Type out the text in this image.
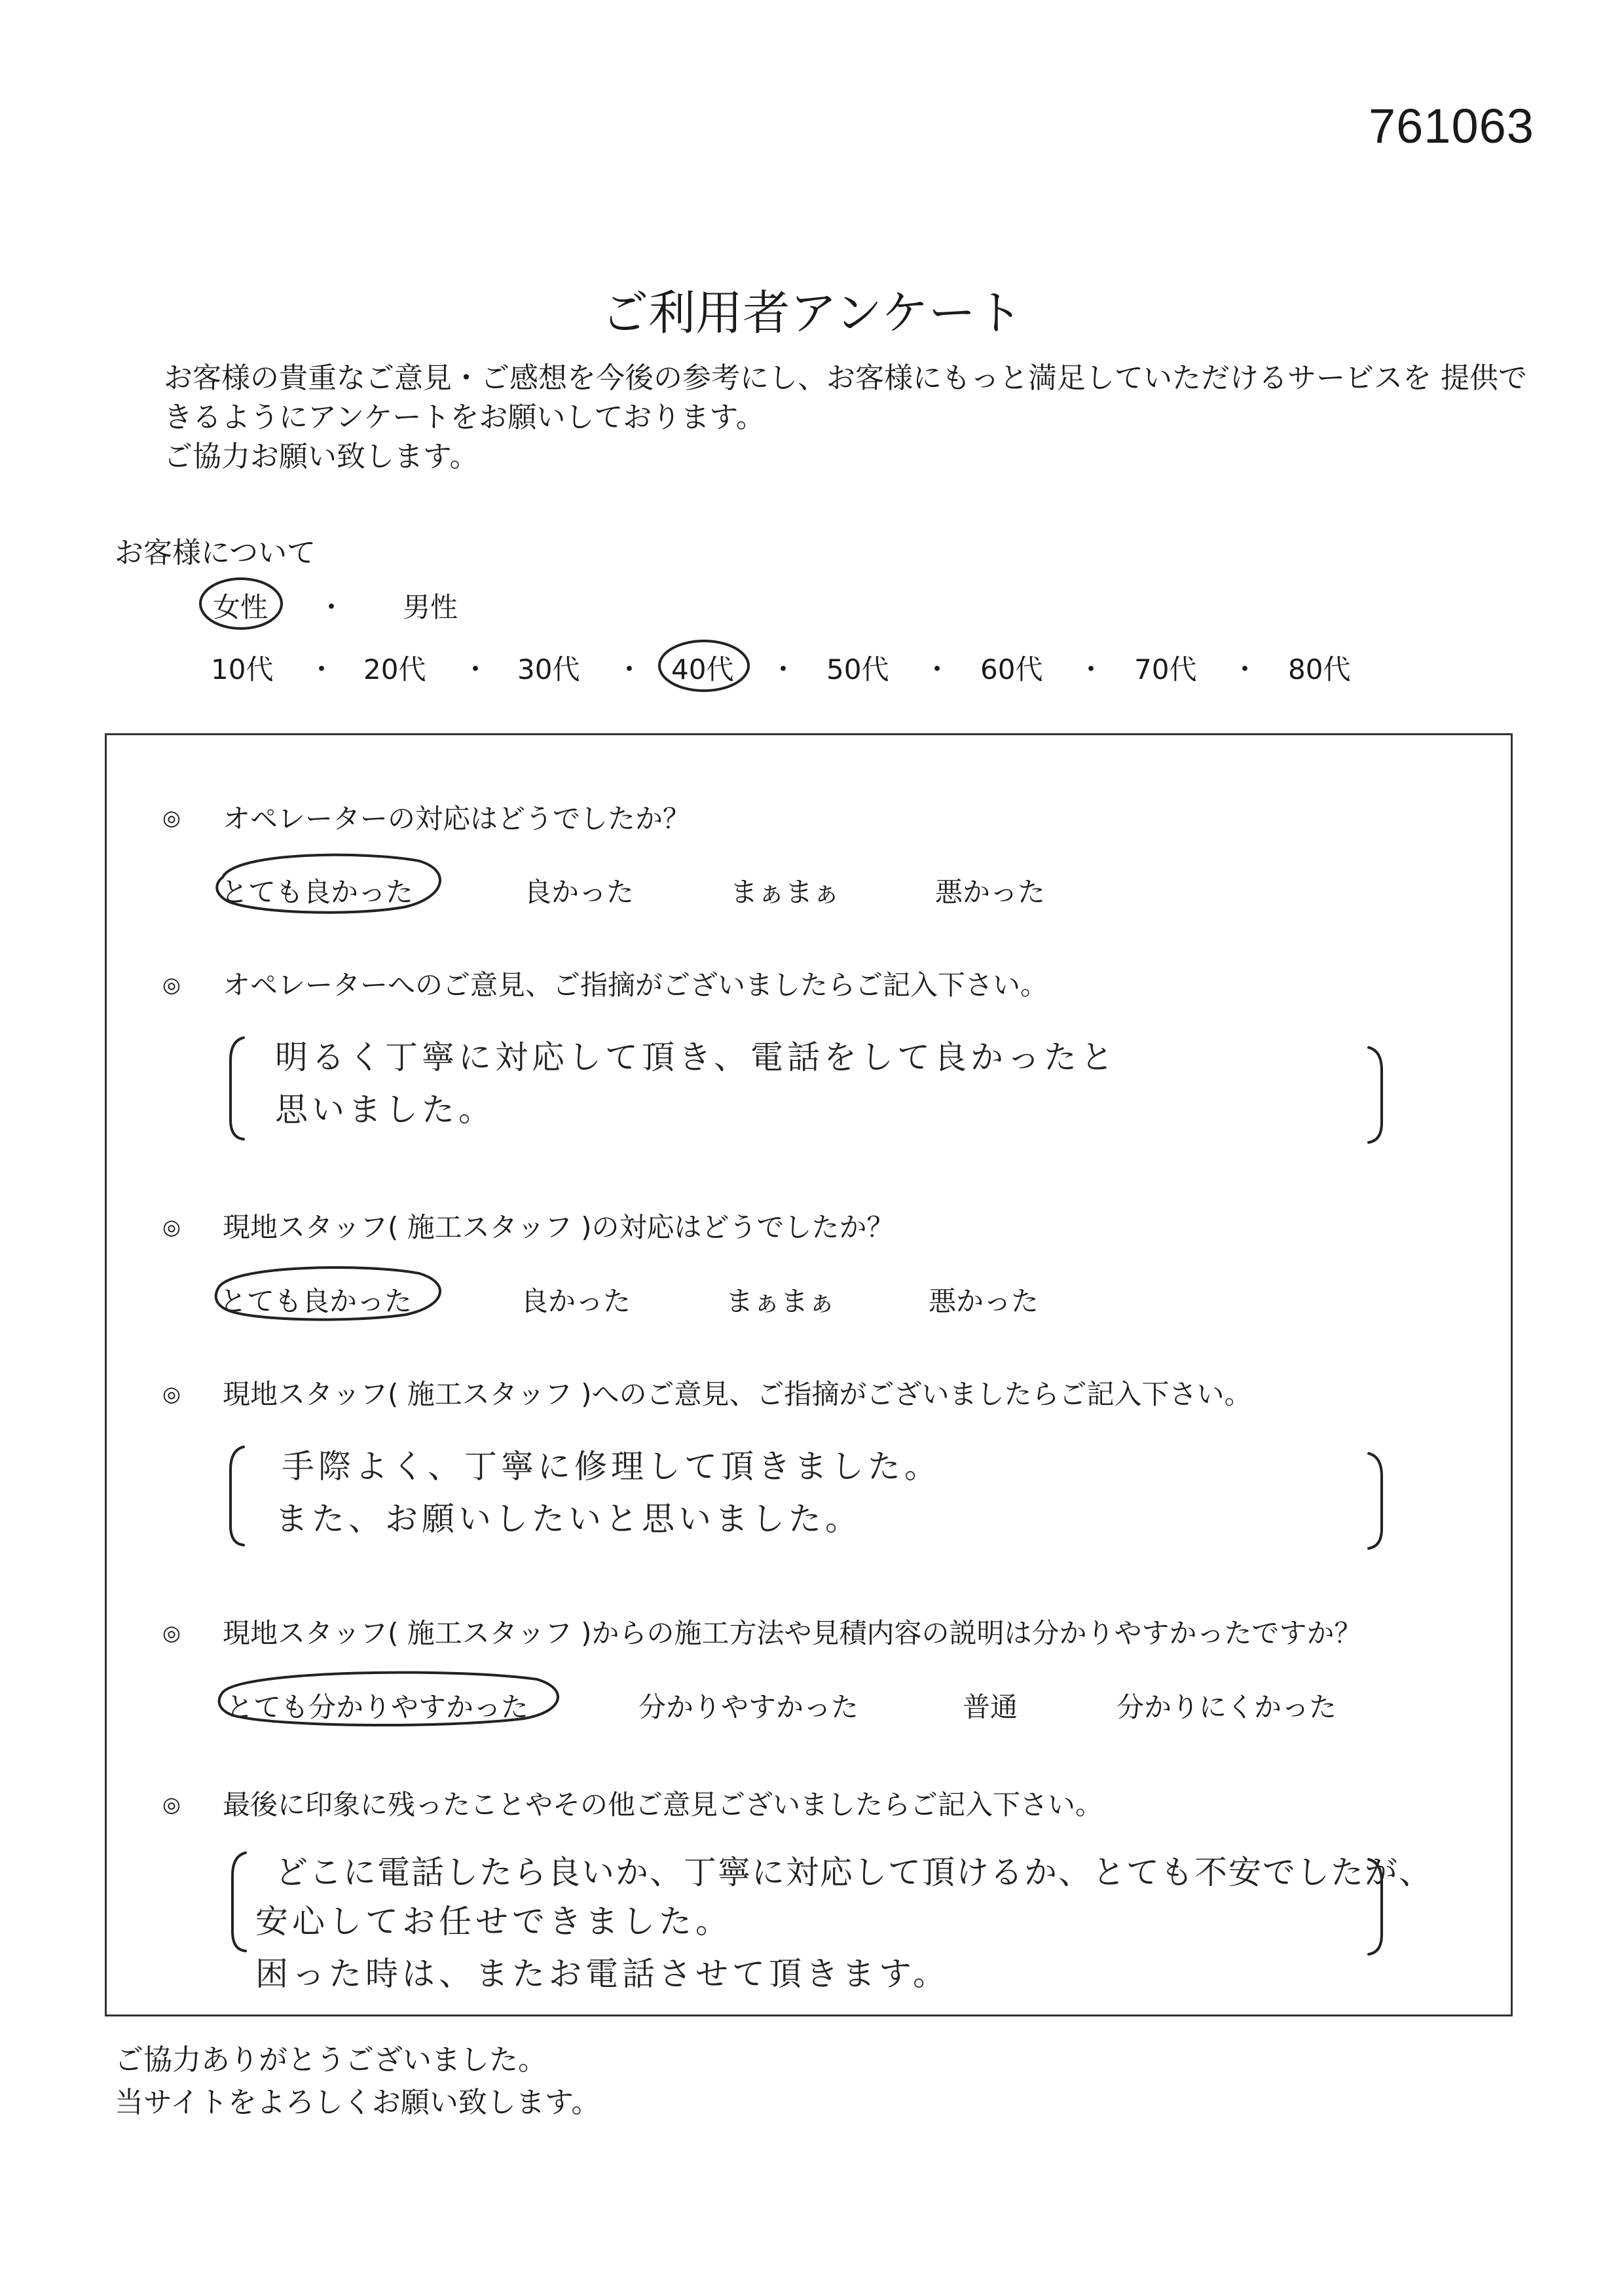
761063
ご利用者アンケート
お客様の貴重なご意見・ご感想を今後の参考にし、お客様にもっと満足していただけるサービスを 提供で
きるようにアンケートをお願いしております。
ご協力お願い致します。
お客様について
女性 ・ 男性
10代 ・ 20代 ・ 30代 ・ 40代 ・ 50代 ・ 60代 ・ 70代 ・ 80代
◎ オペレーターの対応はどうでしたか？
とても良かった	良かった	まぁまぁ	悪かった
◎ オペレーターへのご意見、ご指摘がございましたらご記入下さい。
明るく丁寧に対応して頂き、電話をして良かったと
思いました。
◎ 現地スタッフ( 施工スタッフ )の対応はどうでしたか？
とても良かった	良かった	まぁまぁ	悪かった
◎ 現地スタッフ( 施工スタッフ )へのご意見、ご指摘がございましたらご記入下さい。
手際よく、丁寧に修理して頂きました。
また、お願いしたいと思いました。
◎ 現地スタッフ( 施工スタッフ )からの施工方法や見積内容の説明は分かりやすかったですか？
とても分かりやすかった	分かりやすかった	普通	分かりにくかった
◎ 最後に印象に残ったことやその他ご意見ございましたらご記入下さい。
どこに電話したら良いか、丁寧に対応して頂けるか、とても不安でしたが、
安心してお任せできました。
困った時は、またお電話させて頂きます。
ご協力ありがとうございました。
当サイトをよろしくお願い致します。
